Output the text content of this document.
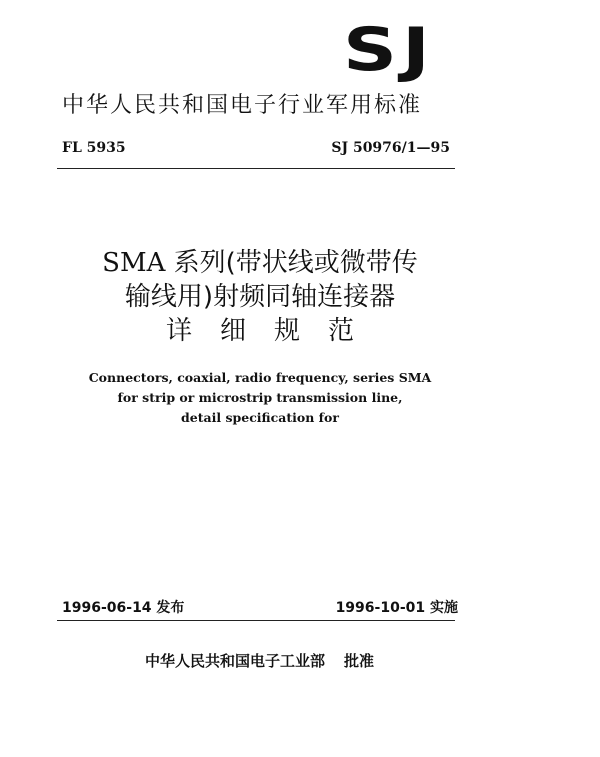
SJ
中华人民共和国电子行业军用标准
FL 5935	SJ 50976/1—95
SMA 系列(带状线或微带传
输线用)射频同轴连接器
详细规范
Connectors, coaxial, radio frequency, series SMA
for strip or microstrip transmission line,
detail specification for
1996-06-14 发布	1996-10-01 实施
中华人民共和国电子工业部 批准
